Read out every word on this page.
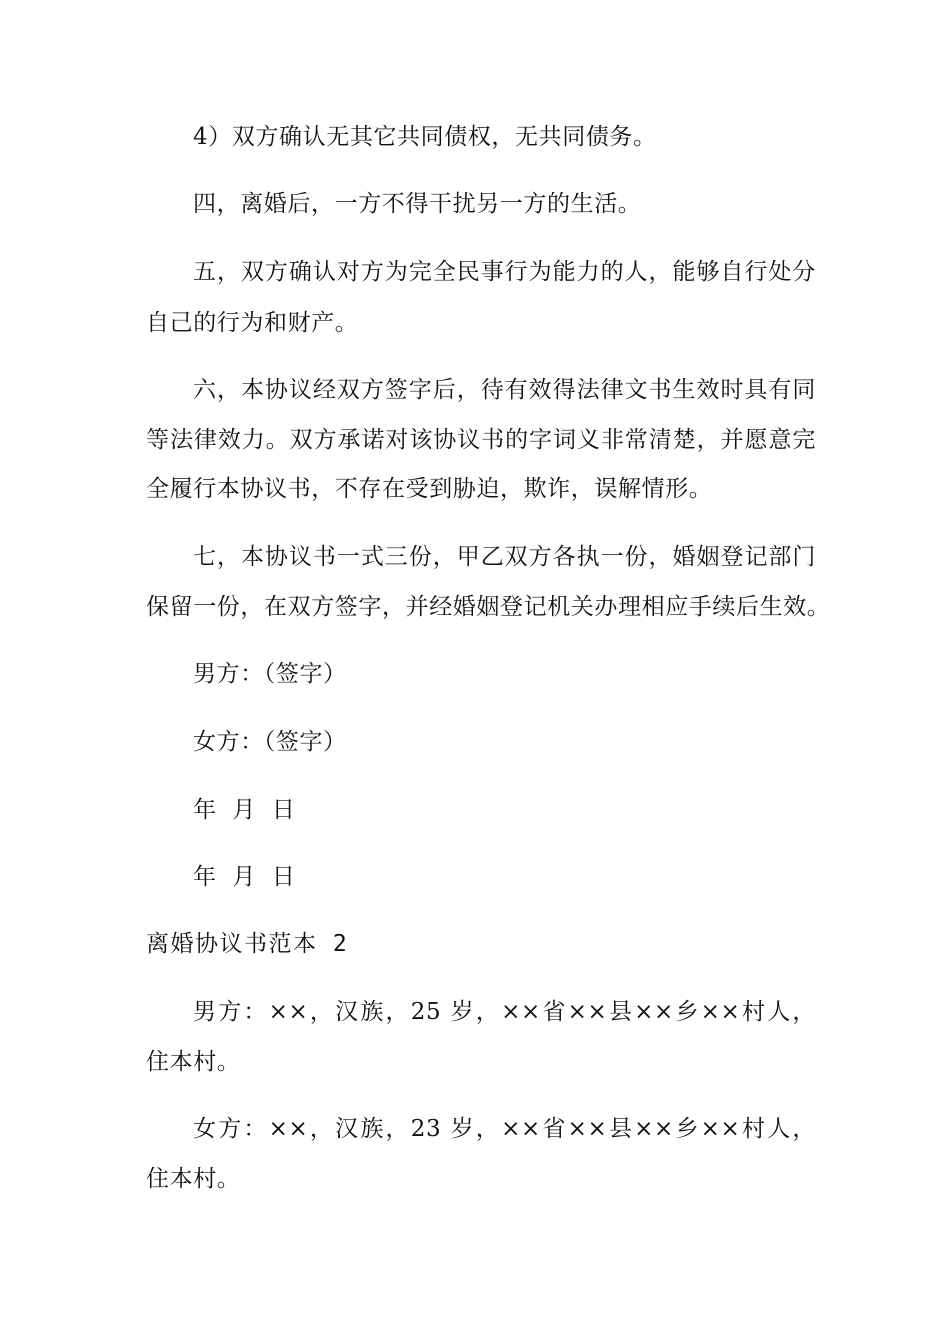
4）双方确认无其它共同债权，无共同债务。
四，离婚后，一方不得干扰另一方的生活。
五，双方确认对方为完全民事行为能力的人，能够自行处分
自己的行为和财产。
六，本协议经双方签字后，待有效得法律文书生效时具有同
等法律效力。双方承诺对该协议书的字词义非常清楚，并愿意完
全履行本协议书，不存在受到胁迫，欺诈，误解情形。
七，本协议书一式三份，甲乙双方各执一份，婚姻登记部门
保留一份，在双方签字，并经婚姻登记机关办理相应手续后生效。
男方：（签字）
女方：（签字）
年  月  日
年  月  日
离婚协议书范本 2
男方：××，汉族，25 岁，××省××县××乡××村人，
住本村。
女方：××，汉族，23 岁，××省××县××乡××村人，
住本村。
